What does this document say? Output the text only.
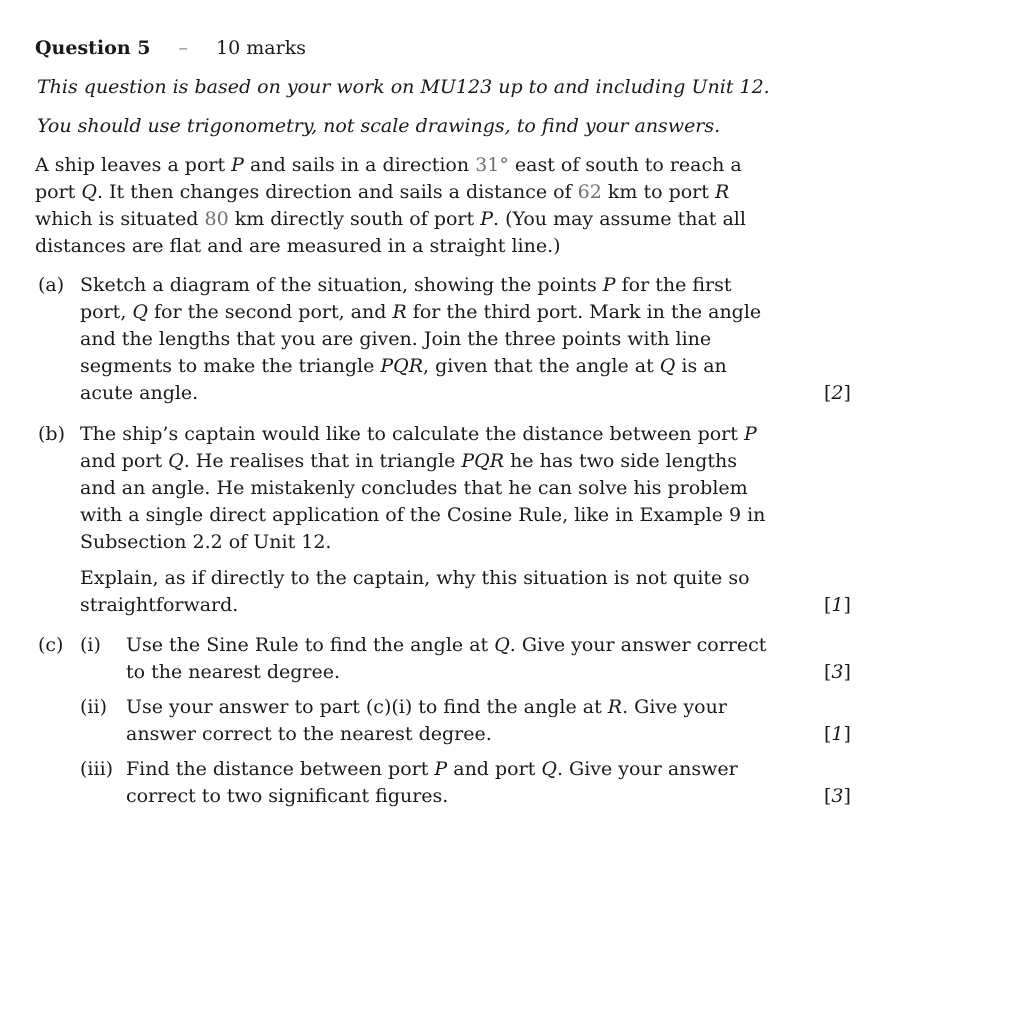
Question 5 – 10 marks
This question is based on your work on MU123 up to and including Unit 12.
You should use trigonometry, not scale drawings, to find your answers.
A ship leaves a port P and sails in a direction 31° east of south to reach a
port Q. It then changes direction and sails a distance of 62 km to port R
which is situated 80 km directly south of port P. (You may assume that all
distances are flat and are measured in a straight line.)
(a) Sketch a diagram of the situation, showing the points P for the first
port, Q for the second port, and R for the third port. Mark in the angle
and the lengths that you are given. Join the three points with line
segments to make the triangle PQR, given that the angle at Q is an
acute angle.	[2]
(b) The ship’s captain would like to calculate the distance between port P
and port Q. He realises that in triangle PQR he has two side lengths
and an angle. He mistakenly concludes that he can solve his problem
with a single direct application of the Cosine Rule, like in Example 9 in
Subsection 2.2 of Unit 12.
Explain, as if directly to the captain, why this situation is not quite so
straightforward.	[1]
(c) (i) Use the Sine Rule to find the angle at Q. Give your answer correct
to the nearest degree.	[3]
(ii) Use your answer to part (c)(i) to find the angle at R. Give your
answer correct to the nearest degree.	[1]
(iii) Find the distance between port P and port Q. Give your answer
correct to two significant figures.	[3]
